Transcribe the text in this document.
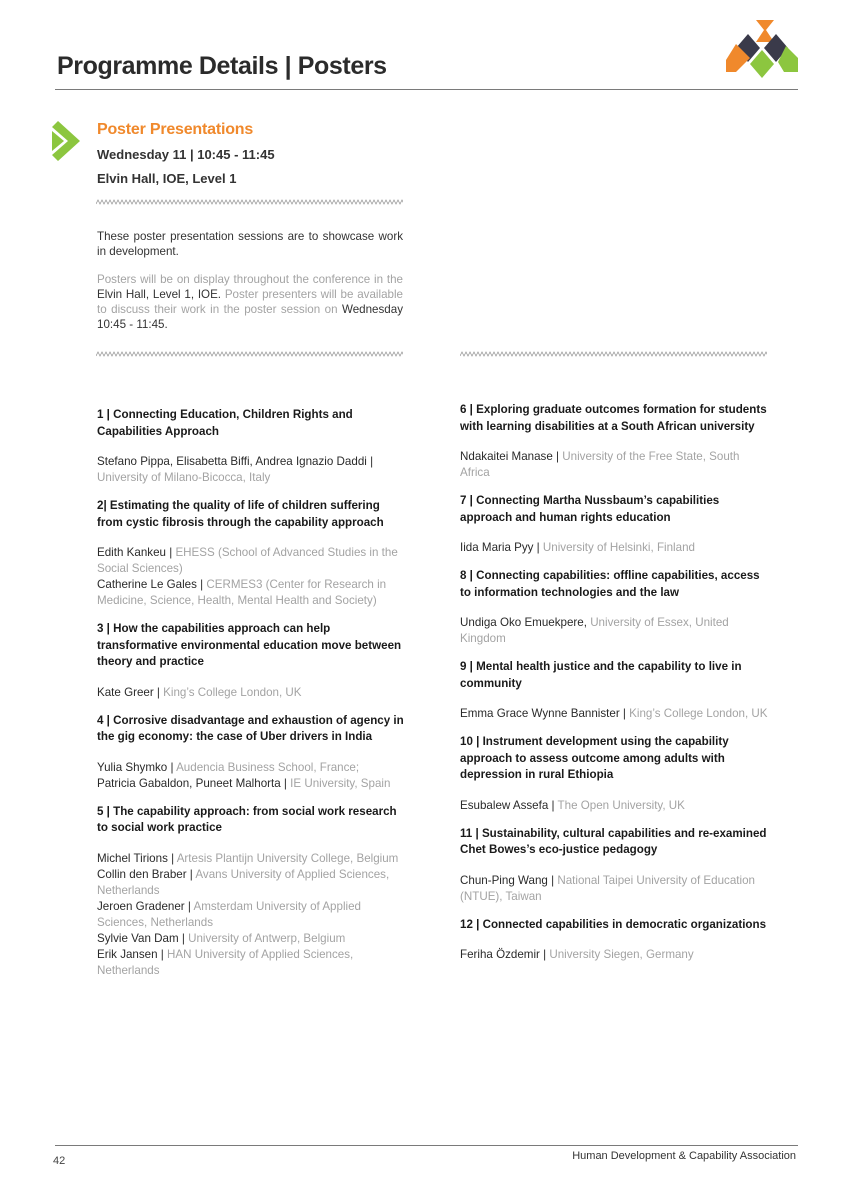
Programme Details | Posters
Poster Presentations
Wednesday 11 | 10:45 - 11:45
Elvin Hall, IOE, Level 1
These poster presentation sessions are to showcase work in development.
Posters will be on display throughout the conference in the Elvin Hall, Level 1, IOE. Poster presenters will be available to discuss their work in the poster session on Wednesday 10:45 - 11:45.
1 | Connecting Education, Children Rights and Capabilities Approach
Stefano Pippa, Elisabetta Biffi, Andrea Ignazio Daddi | University of Milano-Bicocca, Italy
2| Estimating the quality of life of children suffering from cystic fibrosis through the capability approach
Edith Kankeu | EHESS (School of Advanced Studies in the Social Sciences)
Catherine Le Gales | CERMES3 (Center for Research in Medicine, Science, Health, Mental Health and Society)
3 | How the capabilities approach can help transformative environmental education move between theory and practice
Kate Greer | King’s College London, UK
4 | Corrosive disadvantage and exhaustion of agency in the gig economy: the case of Uber drivers in India
Yulia Shymko | Audencia Business School, France;
Patricia Gabaldon, Puneet Malhorta | IE University, Spain
5 | The capability approach: from social work research to social work practice
Michel Tirions | Artesis Plantijn University College, Belgium
Collin den Braber | Avans University of Applied Sciences, Netherlands
Jeroen Gradener | Amsterdam University of Applied Sciences, Netherlands
Sylvie Van Dam | University of Antwerp, Belgium
Erik Jansen | HAN University of Applied Sciences, Netherlands
6 | Exploring graduate outcomes formation for students with learning disabilities at a South African university
Ndakaitei Manase | University of the Free State, South Africa
7 | Connecting Martha Nussbaum’s capabilities approach and human rights education
Iida Maria Pyy | University of Helsinki, Finland
8 | Connecting capabilities: offline capabilities, access to information technologies and the law
Undiga Oko Emuekpere, University of Essex, United Kingdom
9 | Mental health justice and the capability to live in community
Emma Grace Wynne Bannister | King’s College London, UK
10 | Instrument development using the capability approach to assess outcome among adults with depression in rural Ethiopia
Esubalew Assefa | The Open University, UK
11 | Sustainability, cultural capabilities and re-examined Chet Bowes’s eco-justice pedagogy
Chun-Ping Wang | National Taipei University of Education (NTUE), Taiwan
12 | Connected capabilities in democratic organizations
Feriha Özdemir | University Siegen, Germany
42	Human Development & Capability Association
